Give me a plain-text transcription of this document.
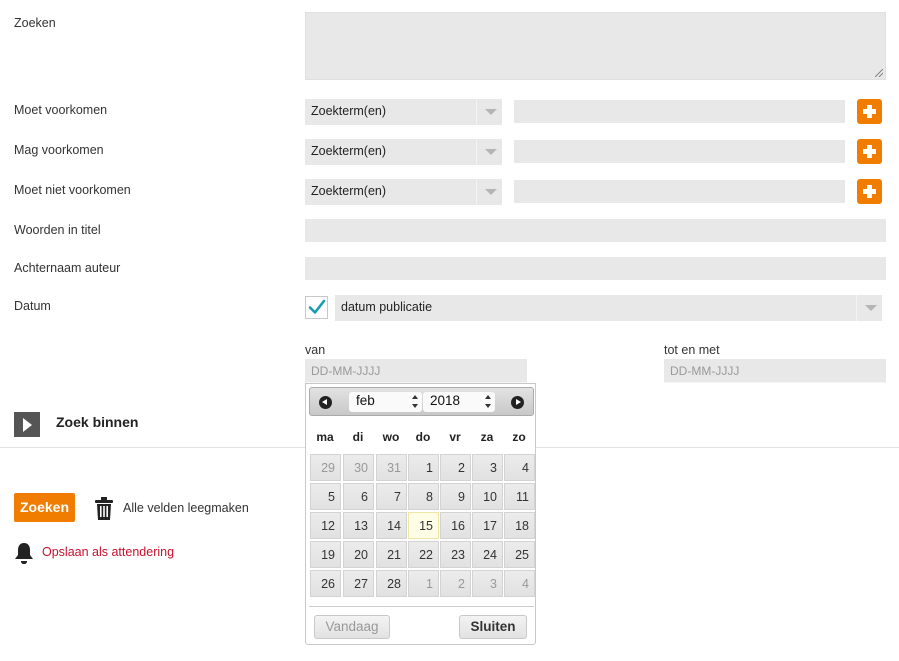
Zoeken
Moet voorkomen	Zoekterm(en)
Mag voorkomen	Zoekterm(en)
Moet niet voorkomen	Zoekterm(en)
Woorden in titel
Achternaam auteur
Datum	datum publicatie
van	tot en met
DD-MM-JJJJ	DD-MM-JJJJ
Zoek binnen
Zoeken	Alle velden leegmaken
Opslaan als attendering
feb	2018
ma	di	wo	do	vr	za	zo
29	30	31	1	2	3	4
5	6	7	8	9	10	11
12	13	14	15	16	17	18
19	20	21	22	23	24	25
26	27	28	1	2	3	4
Vandaag	Sluiten
